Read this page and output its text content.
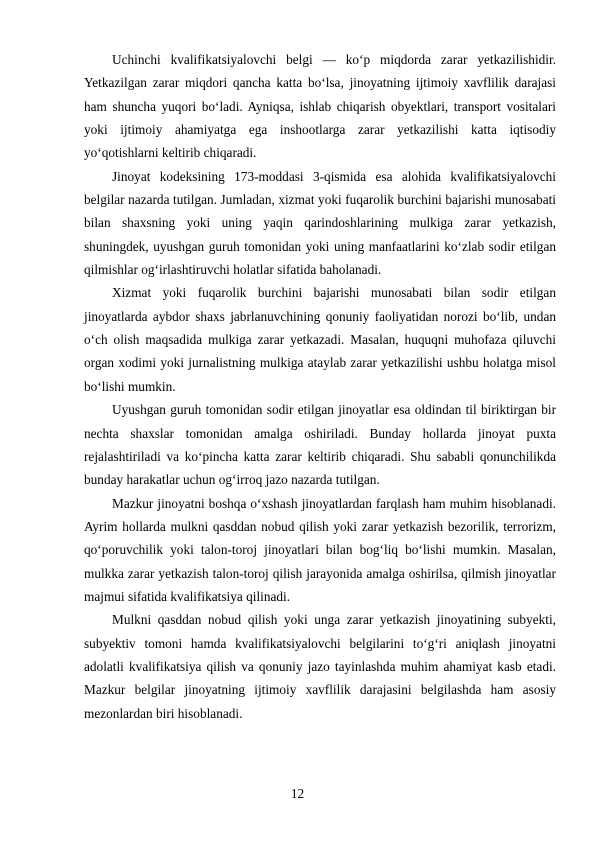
Uchinchi kvalifikatsiyalovchi belgi — ko‘p miqdorda zarar yetkazilishidir. Yetkazilgan zarar miqdori qancha katta bo‘lsa, jinoyatning ijtimoiy xavflilik darajasi ham shuncha yuqori bo‘ladi. Ayniqsa, ishlab chiqarish obyektlari, transport vositalari yoki ijtimoiy ahamiyatga ega inshootlarga zarar yetkazilishi katta iqtisodiy yo‘qotishlarni keltirib chiqaradi.

Jinoyat kodeksining 173-moddasi 3-qismida esa alohida kvalifikatsiyalovchi belgilar nazarda tutilgan. Jumladan, xizmat yoki fuqarolik burchini bajarishi munosabati bilan shaxsning yoki uning yaqin qarindoshlarining mulkiga zarar yetkazish, shuningdek, uyushgan guruh tomonidan yoki uning manfaatlarini ko‘zlab sodir etilgan qilmishlar og‘irlashtiruvchi holatlar sifatida baholanadi.

Xizmat yoki fuqarolik burchini bajarishi munosabati bilan sodir etilgan jinoyatlarda aybdor shaxs jabrlanuvchining qonuniy faoliyatidan norozi bo‘lib, undan o‘ch olish maqsadida mulkiga zarar yetkazadi. Masalan, huquqni muhofaza qiluvchi organ xodimi yoki jurnalistning mulkiga ataylab zarar yetkazilishi ushbu holatga misol bo‘lishi mumkin.

Uyushgan guruh tomonidan sodir etilgan jinoyatlar esa oldindan til biriktirgan bir nechta shaxslar tomonidan amalga oshiriladi. Bunday hollarda jinoyat puxta rejalashtiriladi va ko‘pincha katta zarar keltirib chiqaradi. Shu sababli qonunchilikda bunday harakatlar uchun og‘irroq jazo nazarda tutilgan.

Mazkur jinoyatni boshqa o‘xshash jinoyatlardan farqlash ham muhim hisoblanadi. Ayrim hollarda mulkni qasddan nobud qilish yoki zarar yetkazish bezorilik, terrorizm, qo‘poruvchilik yoki talon-toroj jinoyatlari bilan bog‘liq bo‘lishi mumkin. Masalan, mulkka zarar yetkazish talon-toroj qilish jarayonida amalga oshirilsa, qilmish jinoyatlar majmui sifatida kvalifikatsiya qilinadi.

Mulkni qasddan nobud qilish yoki unga zarar yetkazish jinoyatining subyekti, subyektiv tomoni hamda kvalifikatsiyalovchi belgilarini to‘g‘ri aniqlash jinoyatni adolatli kvalifikatsiya qilish va qonuniy jazo tayinlashda muhim ahamiyat kasb etadi. Mazkur belgilar jinoyatning ijtimoiy xavflilik darajasini belgilashda ham asosiy mezonlardan biri hisoblanadi.

12
